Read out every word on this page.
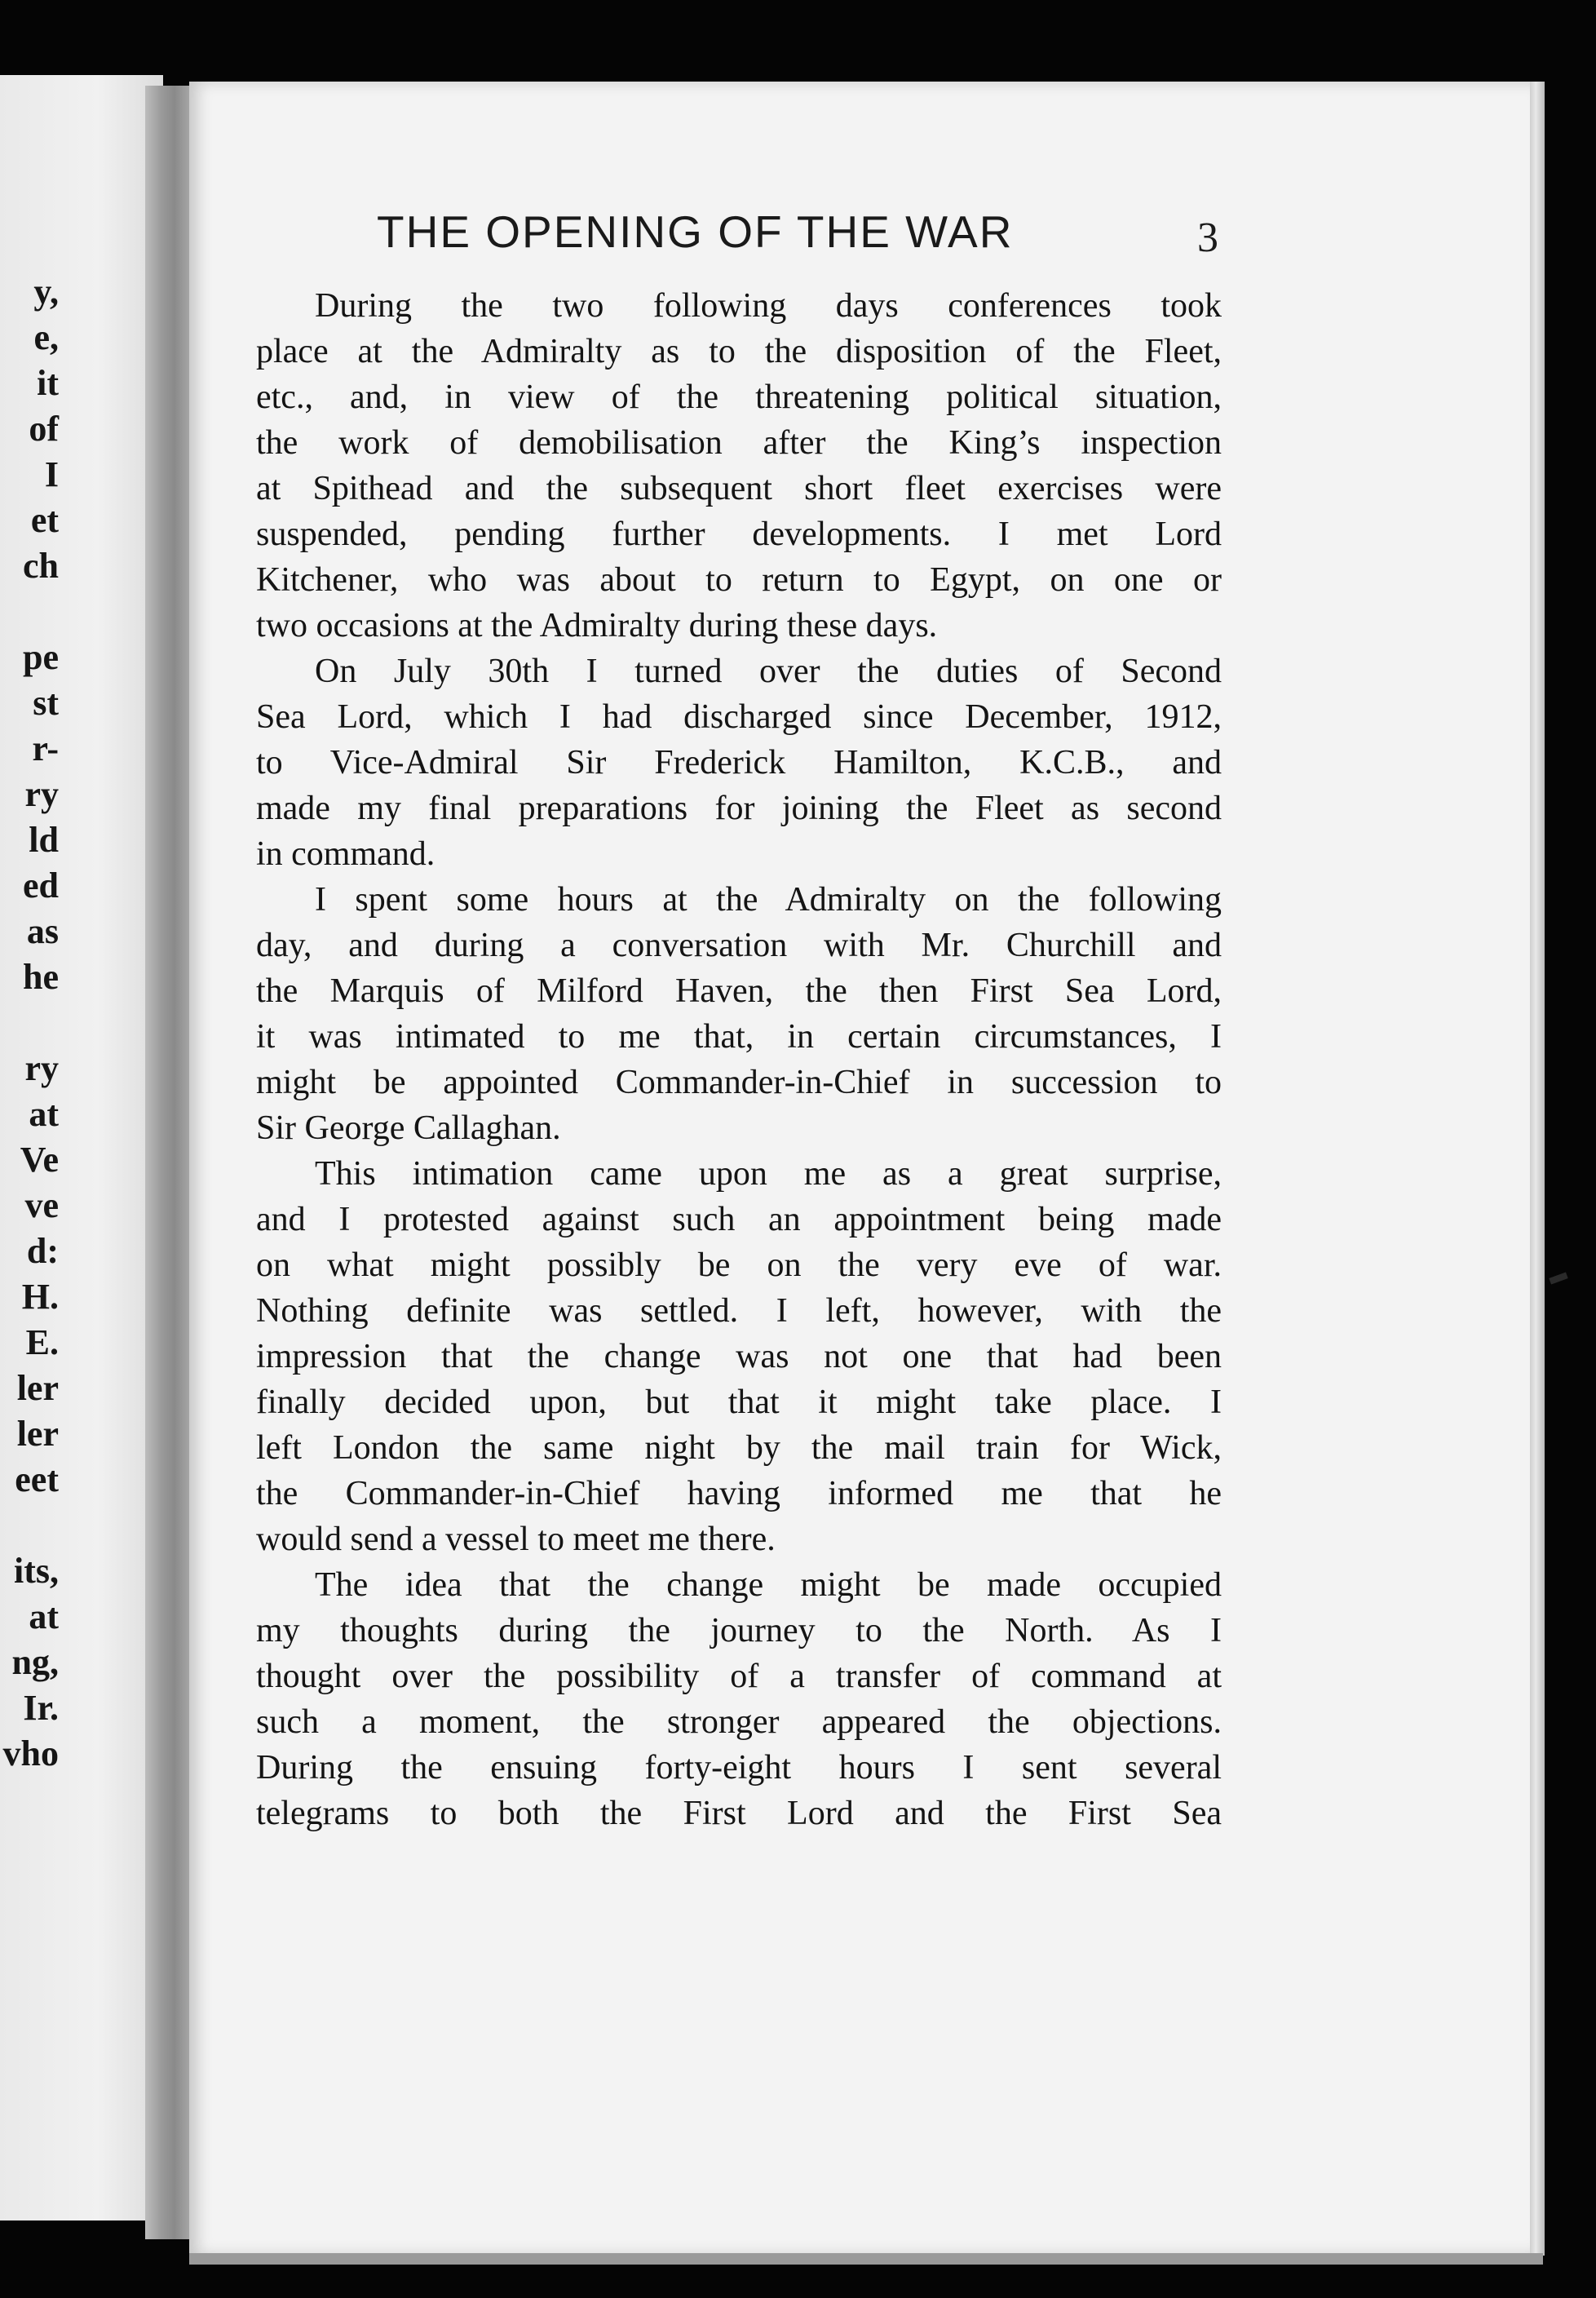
y,

e,

it

of

I

et

ch

pe

st

r-

ry

ld

ed

as

he

ry

at

Ve

ve

d:

H.

E.

ler

ler

eet

its,

at

ng,

Ir.

vho

THE OPENING OF THE WAR	3

During the two following days conferences took
place at the Admiralty as to the disposition of the Fleet,
etc., and, in view of the threatening political situation,
the work of demobilisation after the King’s inspection
at Spithead and the subsequent short fleet exercises were
suspended, pending further developments. I met Lord
Kitchener, who was about to return to Egypt, on one or
two occasions at the Admiralty during these days.
On July 30th I turned over the duties of Second
Sea Lord, which I had discharged since December, 1912,
to Vice-Admiral Sir Frederick Hamilton, K.C.B., and
made my final preparations for joining the Fleet as second
in command.
I spent some hours at the Admiralty on the following
day, and during a conversation with Mr. Churchill and
the Marquis of Milford Haven, the then First Sea Lord,
it was intimated to me that, in certain circumstances, I
might be appointed Commander-in-Chief in succession to
Sir George Callaghan.
This intimation came upon me as a great surprise,
and I protested against such an appointment being made
on what might possibly be on the very eve of war.
Nothing definite was settled. I left, however, with the
impression that the change was not one that had been
finally decided upon, but that it might take place. I
left London the same night by the mail train for Wick,
the Commander-in-Chief having informed me that he
would send a vessel to meet me there.
The idea that the change might be made occupied
my thoughts during the journey to the North. As I
thought over the possibility of a transfer of command at
such a moment, the stronger appeared the objections.
During the ensuing forty-eight hours I sent several
telegrams to both the First Lord and the First Sea
